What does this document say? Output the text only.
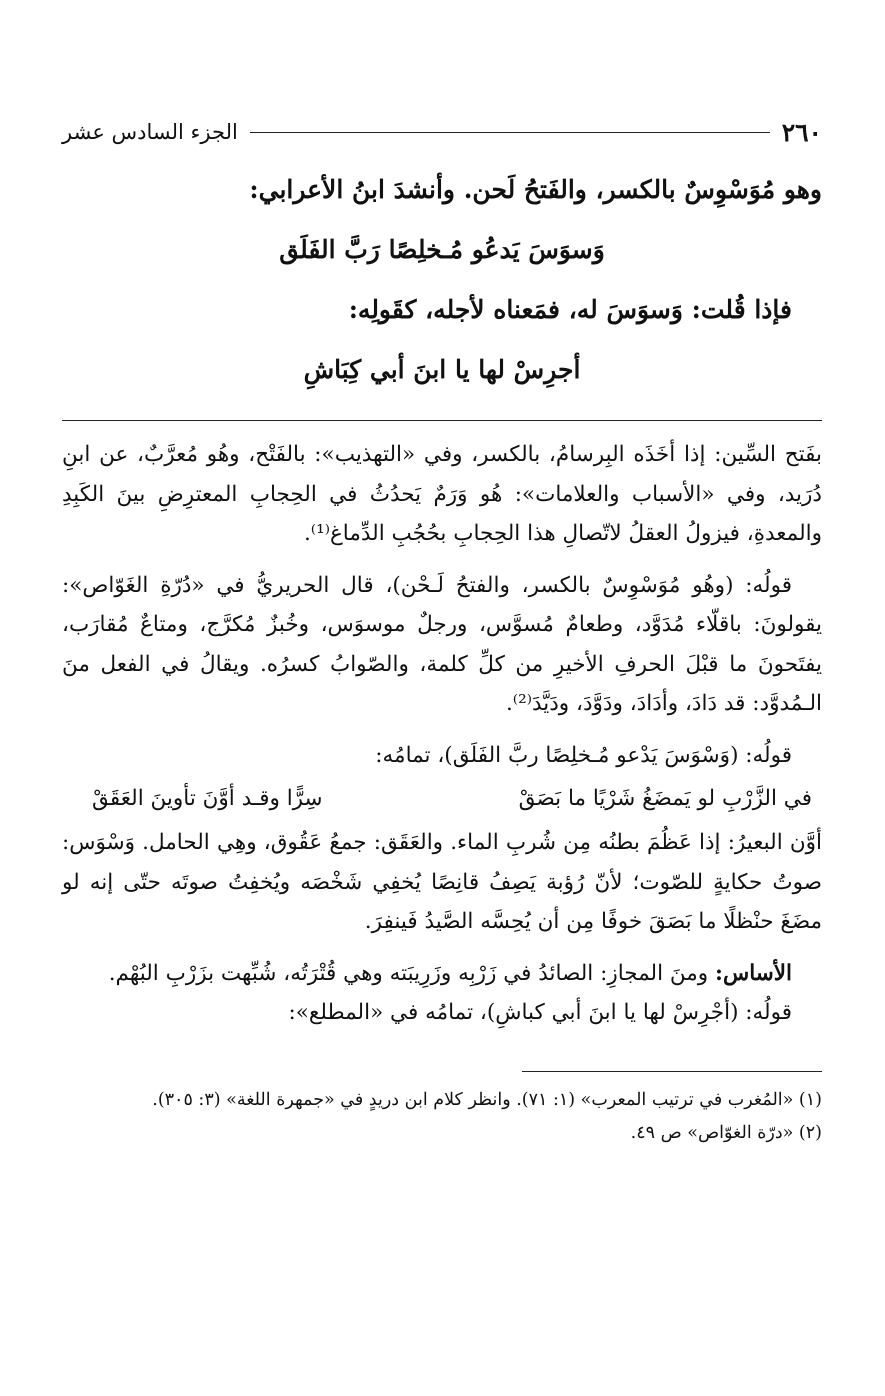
٢٦٠
الجزء السادس عشر
وهو مُوَسْوِسٌ بالكسر، والفَتحُ لَحن. وأنشدَ ابنُ الأعرابي:
وَسوَسَ يَدعُو مُـخلِصًا رَبَّ الفَلَق
فإذا قُلت: وَسوَسَ له، فمَعناه لأجله، كقَولِه:
أجرِسْ لها يا ابنَ أبي كِبَاشِ

بفَتح السِّين: إذا أخَذَه البِرسامُ، بالكسر، وفي «التهذيب»: بالفَتْح، وهُو مُعرَّبٌ، عن ابنِ دُرَيد، وفي «الأسباب والعلامات»: هُو وَرَمٌ يَحدُثُ في الحِجابِ المعترِضِ بينَ الكَبِدِ والمعدةِ، فيزولُ العقلُ لاتّصالِ هذا الحِجابِ بحُجُبِ الدِّماغ⁽¹⁾.

قولُه: (وهُو مُوَسْوِسٌ بالكسر، والفتحُ لَـحْن)، قال الحريريُّ في «دُرّةِ الغَوّاص»: يقولونَ: باقلّاء مُدَوَّد، وطعامٌ مُسوَّس، ورجلٌ موسوَس، وخُبزٌ مُكرَّج، ومتاعٌ مُقارَب، يفتَحونَ ما قبْلَ الحرفِ الأخيرِ من كلِّ كلمة، والصّوابُ كسرُه. ويقالُ في الفعل منَ الـمُدوَّد: قد دَادَ، وأدَادَ، ودَوَّدَ، ودَيَّدَ⁽²⁾.

قولُه: (وَسْوَسَ يَدْعو مُـخلِصًا ربَّ الفَلَق)، تمامُه:

في الزَّرْبِ لو يَمضَغُ شَرْيًا ما بَصَقْ
سِرًّا وقـد أوَّنَ تأوينَ العَقَقْ

أوَّن البعيرُ: إذا عَظُمَ بطنُه مِن شُربِ الماء. والعَقَق: جمعُ عَقُوق، وهِي الحامل. وَسْوَس: صوتُ حكايةٍ للصّوت؛ لأنّ رُؤبة يَصِفُ قانِصًا يُخفِي شَخْصَه ويُخفِتُ صوتَه حتّى إنه لو مضَغَ حنْظلًا ما بَصَقَ خوفًا مِن أن يُحِسَّه الصَّيدُ فَينفِرَ.

الأساس: ومنَ المجازِ: الصائدُ في زَرْبِه وزَرِيبَته وهي قُتْرَتُه، شُبِّهت بزَرْبِ البُهْم.

قولُه: (أجْرِسْ لها يا ابنَ أبي كباشِ)، تمامُه في «المطلع»:

(١) «المُغرب في ترتيب المعرب» (١: ٧١). وانظر كلام ابن دريدٍ في «جمهرة اللغة» (٣: ٣٠٥).
(٢) «درّة الغوّاص» ص ٤٩.
